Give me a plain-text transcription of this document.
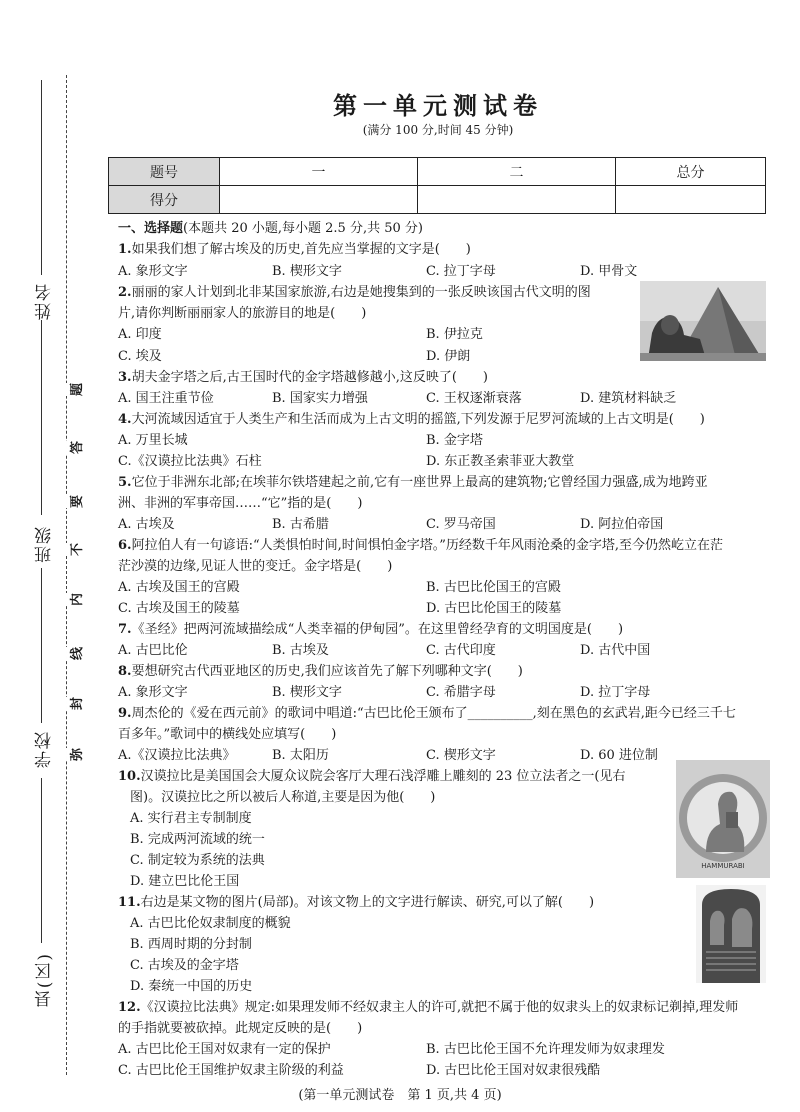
姓名
班级
学校
县(区)
题
答
要
不
内
线
封
弥
第一单元测试卷
(满分 100 分,时间 45 分钟)
题号	一	二	总分
得分			
一、选择题(本题共 20 小题,每小题 2.5 分,共 50 分)
1.如果我们想了解古埃及的历史,首先应当掌握的文字是(　　)
A. 象形文字	B. 楔形文字	C. 拉丁字母	D. 甲骨文
2.丽丽的家人计划到北非某国家旅游,右边是她搜集到的一张反映该国古代文明的图
片,请你判断丽丽家人的旅游目的地是(　　)
A. 印度	B. 伊拉克
C. 埃及	D. 伊朗
3.胡夫金字塔之后,古王国时代的金字塔越修越小,这反映了(　　)
A. 国王注重节俭	B. 国家实力增强	C. 王权逐渐衰落	D. 建筑材料缺乏
4.大河流域因适宜于人类生产和生活而成为上古文明的摇篮,下列发源于尼罗河流域的上古文明是(　　)
A. 万里长城	B. 金字塔
C.《汉谟拉比法典》石柱	D. 东正教圣索菲亚大教堂
5.它位于非洲东北部;在埃菲尔铁塔建起之前,它有一座世界上最高的建筑物;它曾经国力强盛,成为地跨亚
洲、非洲的军事帝国……“它”指的是(　　)
A. 古埃及	B. 古希腊	C. 罗马帝国	D. 阿拉伯帝国
6.阿拉伯人有一句谚语:“人类惧怕时间,时间惧怕金字塔。”历经数千年风雨沧桑的金字塔,至今仍然屹立在茫
茫沙漠的边缘,见证人世的变迁。金字塔是(　　)
A. 古埃及国王的宫殿	B. 古巴比伦国王的宫殿
C. 古埃及国王的陵墓	D. 古巴比伦国王的陵墓
7.《圣经》把两河流域描绘成“人类幸福的伊甸园”。在这里曾经孕育的文明国度是(　　)
A. 古巴比伦	B. 古埃及	C. 古代印度	D. 古代中国
8.要想研究古代西亚地区的历史,我们应该首先了解下列哪种文字(　　)
A. 象形文字	B. 楔形文字	C. 希腊字母	D. 拉丁字母
9.周杰伦的《爱在西元前》的歌词中唱道:“古巴比伦王颁布了__________,刻在黑色的玄武岩,距今已经三千七
百多年。”歌词中的横线处应填写(　　)
A.《汉谟拉比法典》	B. 太阳历	C. 楔形文字	D. 60 进位制
10.汉谟拉比是美国国会大厦众议院会客厅大理石浅浮雕上雕刻的 23 位立法者之一(见右
图)。汉谟拉比之所以被后人称道,主要是因为他(　　)
A. 实行君主专制制度
B. 完成两河流域的统一
C. 制定较为系统的法典
D. 建立巴比伦王国
HAMMURABI
11.右边是某文物的图片(局部)。对该文物上的文字进行解读、研究,可以了解(　　)
A. 古巴比伦奴隶制度的概貌
B. 西周时期的分封制
C. 古埃及的金字塔
D. 秦统一中国的历史
12.《汉谟拉比法典》规定:如果理发师不经奴隶主人的许可,就把不属于他的奴隶头上的奴隶标记剃掉,理发师
的手指就要被砍掉。此规定反映的是(　　)
A. 古巴比伦王国对奴隶有一定的保护	B. 古巴比伦王国不允许理发师为奴隶理发
C. 古巴比伦王国维护奴隶主阶级的利益	D. 古巴比伦王国对奴隶很残酷
(第一单元测试卷　第 1 页,共 4 页)
